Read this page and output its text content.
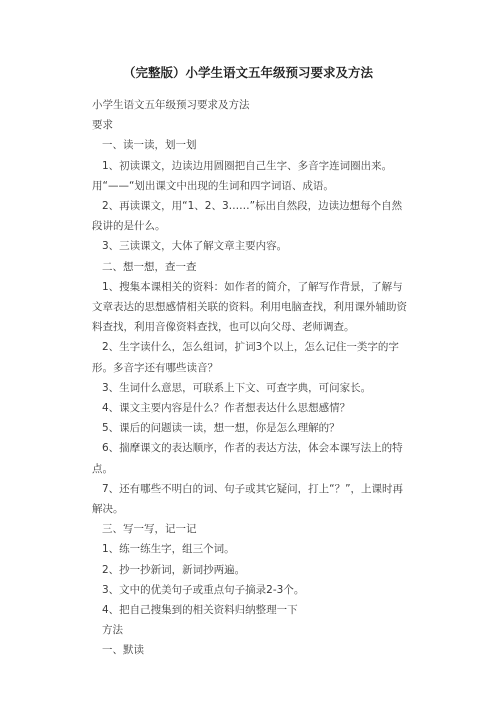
（完整版）小学生语文五年级预习要求及方法

小学生语文五年级预习要求及方法

要求

一、读一读，划一划

1、初读课文，边读边用圆圈把自己生字、多音字连词圈出来。用“——“划出课文中出现的生词和四字词语、成语。

2、再读课文，用“1、2、3……”标出自然段，边读边想每个自然段讲的是什么。

3、三读课文，大体了解文章主要内容。

二、想一想，查一查

1、搜集本课相关的资料：如作者的简介，了解写作背景，了解与文章表达的思想感情相关联的资料。利用电脑查找，利用课外辅助资料查找，利用音像资料查找，也可以向父母、老师调查。

2、生字读什么，怎么组词，扩词3个以上，怎么记住一类字的字形。多音字还有哪些读音？

3、生词什么意思，可联系上下文、可查字典，可问家长。

4、课文主要内容是什么？作者想表达什么思想感情？

5、课后的问题读一读，想一想，你是怎么理解的？

6、揣摩课文的表达顺序，作者的表达方法，体会本课写法上的特点。

7、还有哪些不明白的词、句子或其它疑问，打上“？”，上课时再解决。

三、写一写，记一记

1、练一练生字，组三个词。

2、抄一抄新词，新词抄两遍。

3、文中的优美句子或重点句子摘录2-3个。

4、把自己搜集到的相关资料归纳整理一下

方法

一、默读
